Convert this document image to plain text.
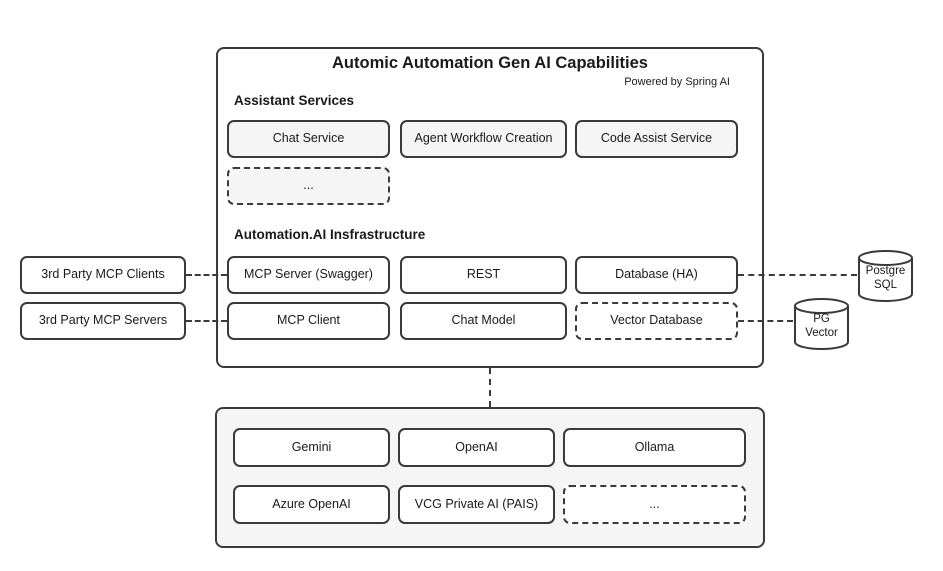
Automic Automation Gen AI Capabilities
Powered by Spring AI
Assistant Services
Chat Service	Agent Workflow Creation	Code Assist Service
...
Automation.AI Insfrastructure
MCP Server (Swagger)	REST	Database (HA)
MCP Client	Chat Model	Vector Database
3rd Party MCP Clients
3rd Party MCP Servers
Postgre
SQL
PG
Vector
Gemini	OpenAI	Ollama
Azure OpenAI	VCG Private AI (PAIS)	...
